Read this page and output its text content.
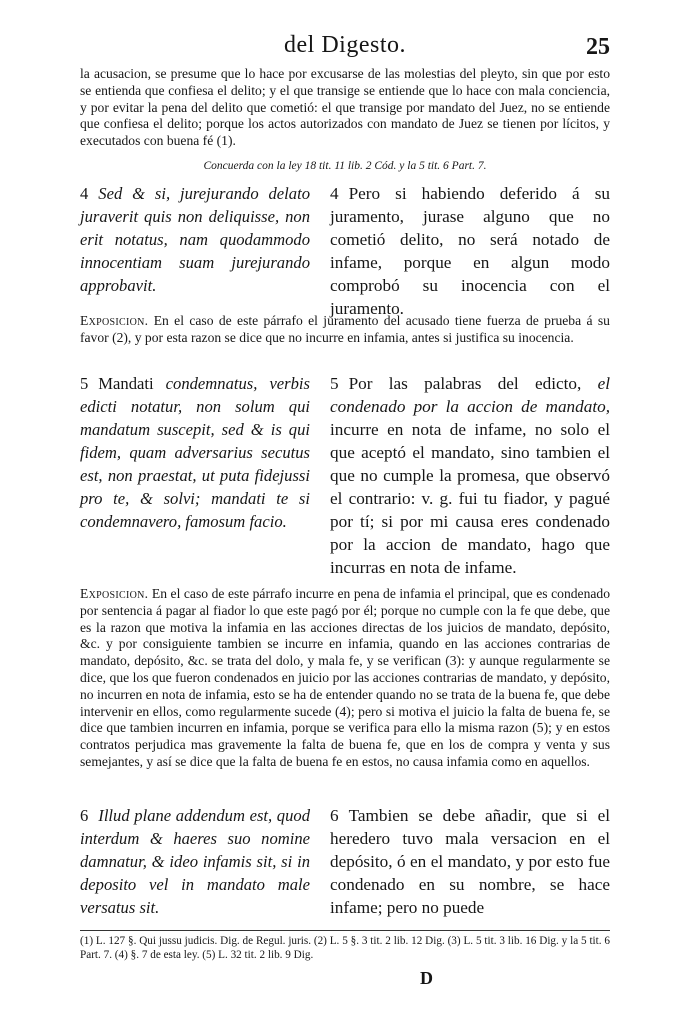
del Digesto.	25
la acusacion, se presume que lo hace por excusarse de las molestias del pleyto, sin que por esto se entienda que confiesa el delito; y el que transige se entiende que lo hace con mala conciencia, y por evitar la pena del delito que cometió: el que transige por mandato del Juez, no se entiende que confiesa el delito; porque los actos autorizados con mandato de Juez se tienen por lícitos, y executados con buena fé (1).
Concuerda con la ley 18 tit. 11 lib. 2 Cód. y la 5 tit. 6 Part. 7.
4 Sed & si, jurejurando delato juraverit quis non deliquisse, non erit notatus, nam quodammodo innocentiam suam jurejurando approbavit.
4 Pero si habiendo deferido á su juramento, jurase alguno que no cometió delito, no será notado de infame, porque en algun modo comprobó su inocencia con el juramento.
Exposicion. En el caso de este párrafo el juramento del acusado tiene fuerza de prueba á su favor (2), y por esta razon se dice que no incurre en infamia, antes si justifica su inocencia.
5 Mandati condemnatus, verbis edicti notatur, non solum qui mandatum suscepit, sed & is qui fidem, quam adversarius secutus est, non praestat, ut puta fidejussi pro te, & solvi; mandati te si condemnavero, famosum facio.
5 Por las palabras del edicto, el condenado por la accion de mandato, incurre en nota de infame, no solo el que aceptó el mandato, sino tambien el que no cumple la promesa, que observó el contrario: v. g. fui tu fiador, y pagué por tí; si por mi causa eres condenado por la accion de mandato, hago que incurras en nota de infame.
Exposicion. En el caso de este párrafo incurre en pena de infamia el principal, que es condenado por sentencia á pagar al fiador lo que este pagó por él; porque no cumple con la fe que debe, que es la razon que motiva la infamia en las acciones directas de los juicios de mandato, depósito, &c. y por consiguiente tambien se incurre en infamia, quando en las acciones contrarias de mandato, depósito, &c. se trata del dolo, y mala fe, y se verifican (3): y aunque regularmente se dice, que los que fueron condenados en juicio por las acciones contrarias de mandato, y depósito, no incurren en nota de infamia, esto se ha de entender quando no se trata de la buena fe, que debe intervenir en ellos, como regularmente sucede (4); pero si motiva el juicio la falta de buena fe, se dice que tambien incurren en infamia, porque se verifica para ello la misma razon (5); y en estos contratos perjudica mas gravemente la falta de buena fe, que en los de compra y venta y sus semejantes, y así se dice que la falta de buena fe en estos, no causa infamia como en aquellos.
6 Illud plane addendum est, quod interdum & haeres suo nomine damnatur, & ideo infamis sit, si in deposito vel in mandato male versatus sit.
6 Tambien se debe añadir, que si el heredero tuvo mala versacion en el depósito, ó en el mandato, y por esto fue condenado en su nombre, se hace infame; pero no puede
(1) L. 127 §. Qui jussu judicis. Dig. de Regul. juris. (2) L. 5 §. 3 tit. 2 lib. 12 Dig. (3) L. 5 tit. 3 lib. 16 Dig. y la 5 tit. 6 Part. 7. (4) §. 7 de esta ley. (5) L. 32 tit. 2 lib. 9 Dig.
D
